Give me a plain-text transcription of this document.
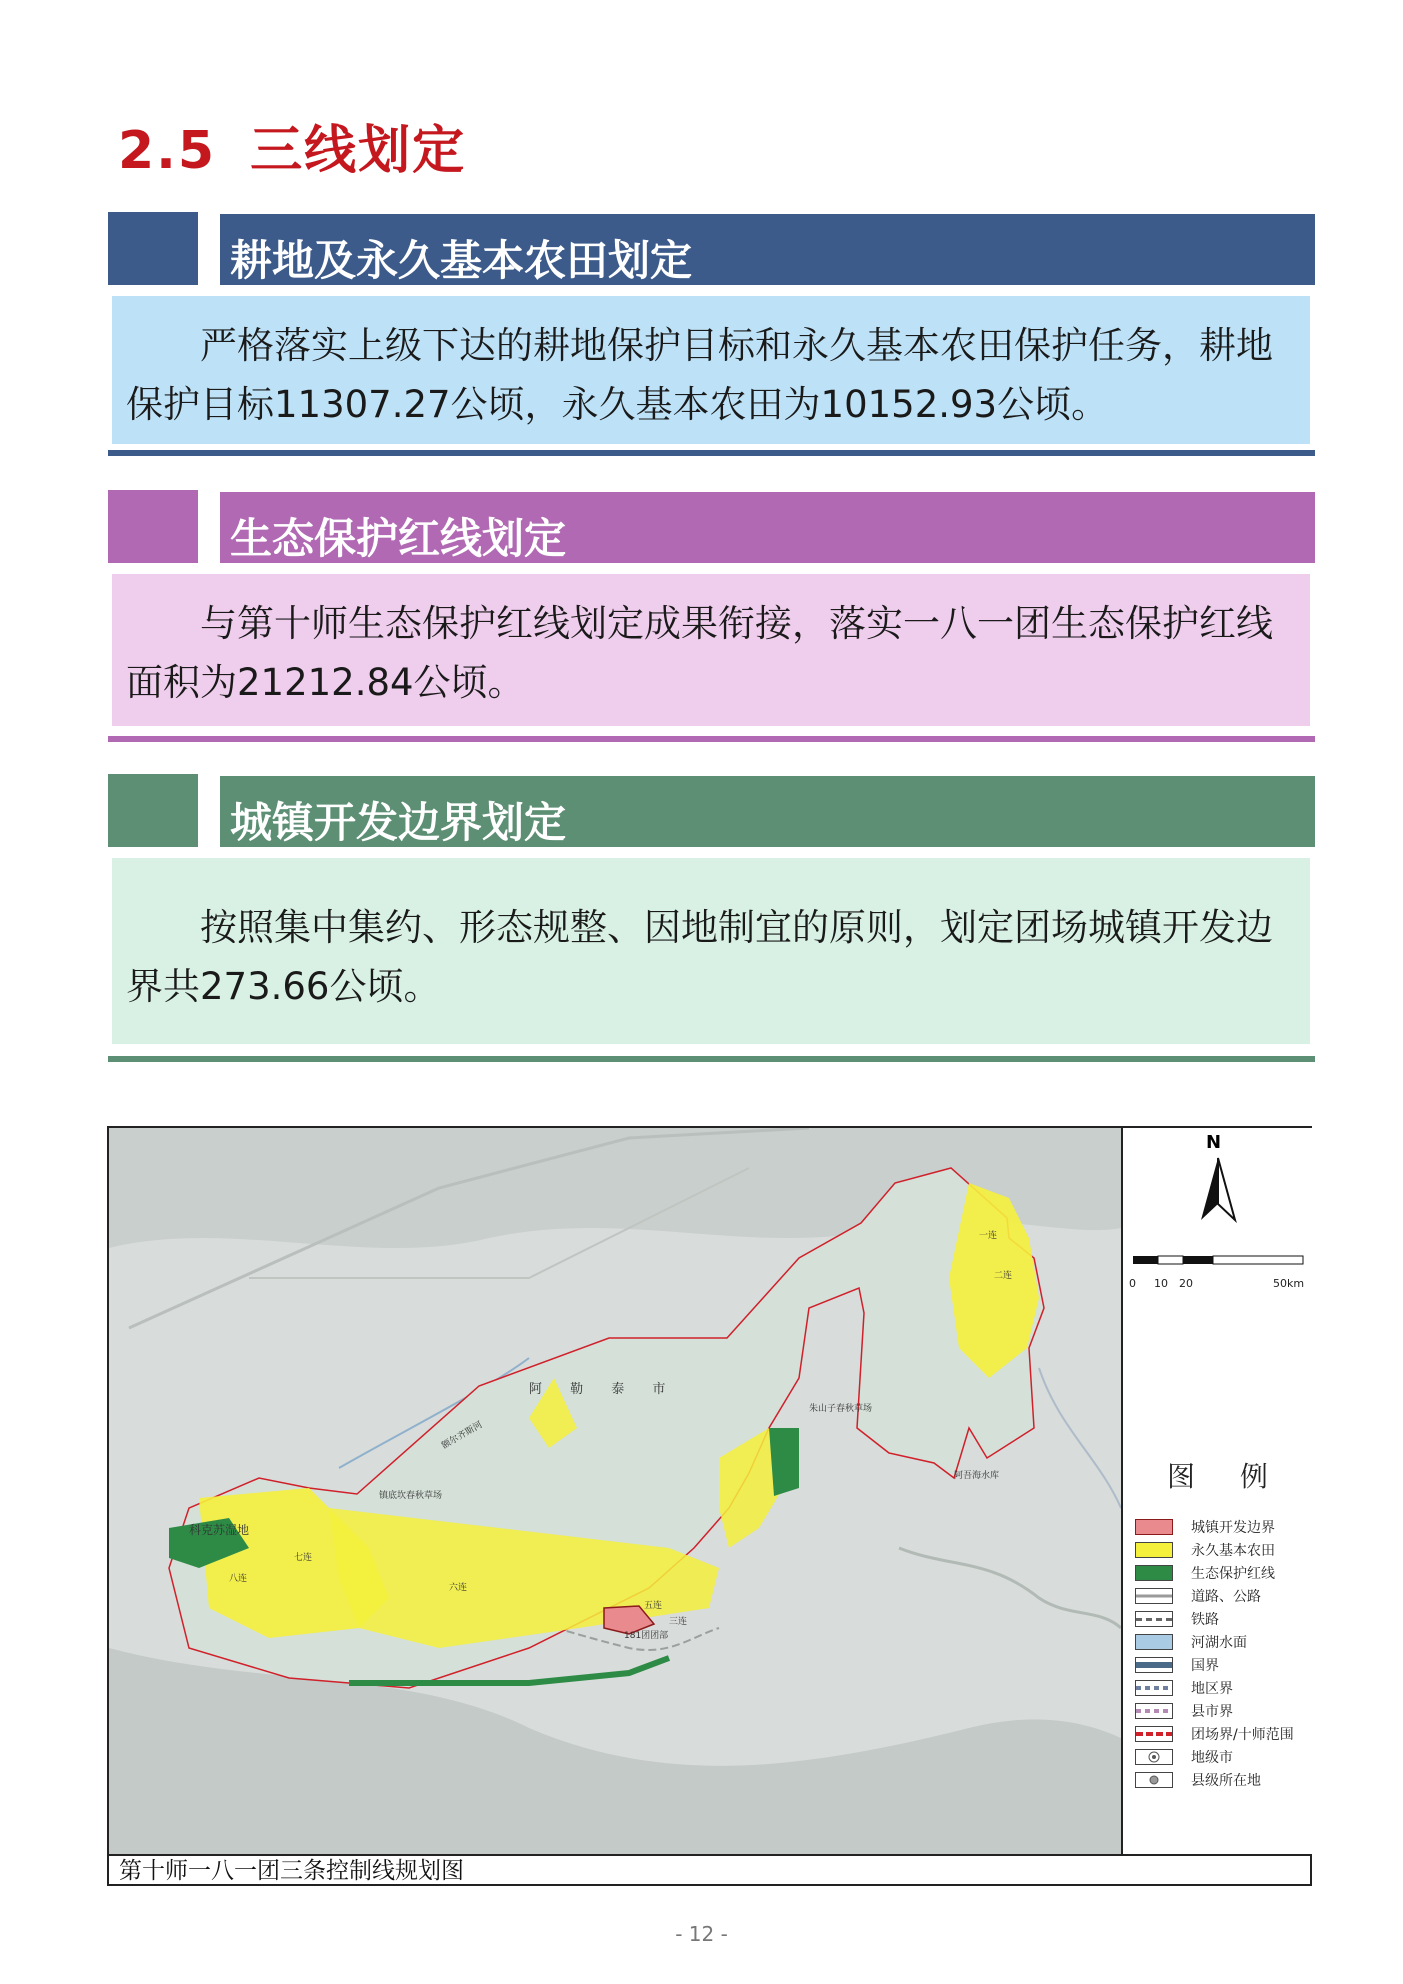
2.5 三线划定
耕地及永久基本农田划定
严格落实上级下达的耕地保护目标和永久基本农田保护任务，耕地保护目标11307.27公顷，永久基本农田为10152.93公顷。
生态保护红线划定
与第十师生态保护红线划定成果衔接，落实一八一团生态保护红线面积为21212.84公顷。
城镇开发边界划定
按照集中集约、形态规整、因地制宜的原则，划定团场城镇开发边界共273.66公顷。
阿 勒 泰 市
额尔齐斯河
科克苏湿地
镇底坎春秋草场
朱山子春秋草场
阿吾海水库
八连
七连
六连
五连
三连
181团团部
一连
二连
N
0 10 20	50km
图 例
城镇开发边界
永久基本农田
生态保护红线
道路、公路
铁路
河湖水面
国界
地区界
县市界
团场界/十师范围
地级市
县级所在地
第十师一八一团三条控制线规划图
- 12 -
